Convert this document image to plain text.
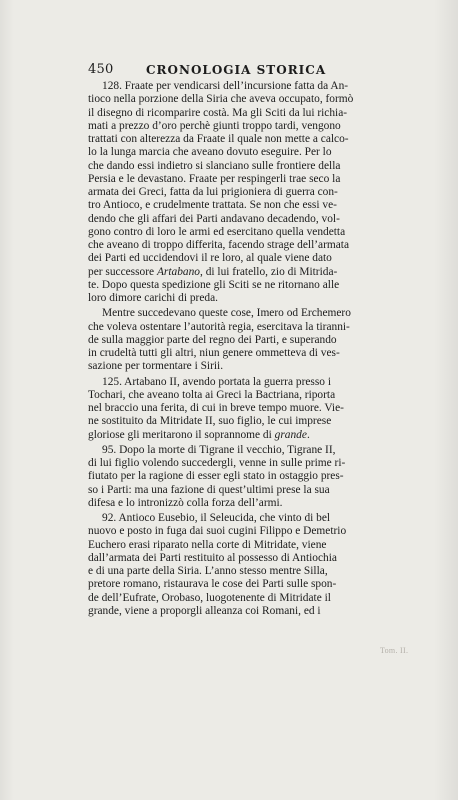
450	CRONOLOGIA STORICA
128. Fraate per vendicarsi dell’incursione fatta da An-
tioco nella porzione della Siria che aveva occupato, formò
il disegno di ricomparire costà. Ma gli Sciti da lui richia-
mati a prezzo d’oro perchè giunti troppo tardi, vengono
trattati con alterezza da Fraate il quale non mette a calco-
lo la lunga marcia che aveano dovuto eseguire. Per lo
che dando essi indietro si slanciano sulle frontiere della
Persia e le devastano. Fraate per respingerli trae seco la
armata dei Greci, fatta da lui prigioniera di guerra con-
tro Antioco, e crudelmente trattata. Se non che essi ve-
dendo che gli affari dei Parti andavano decadendo, vol-
gono contro di loro le armi ed esercitano quella vendetta
che aveano di troppo differita, facendo strage dell’armata
dei Parti ed uccidendovi il re loro, al quale viene dato
per successore Artabano, di lui fratello, zio di Mitrida-
te. Dopo questa spedizione gli Sciti se ne ritornano alle
loro dimore carichi di preda.
Mentre succedevano queste cose, Imero od Erchemero
che voleva ostentare l’autorità regia, esercitava la tiranni-
de sulla maggior parte del regno dei Parti, e superando
in crudeltà tutti gli altri, niun genere ommetteva di ves-
sazione per tormentare i Sirii.
125. Artabano II, avendo portata la guerra presso i
Tochari, che aveano tolta ai Greci la Bactriana, riporta
nel braccio una ferita, di cui in breve tempo muore. Vie-
ne sostituito da Mitridate II, suo figlio, le cui imprese
gloriose gli meritarono il soprannome di grande.
95. Dopo la morte di Tigrane il vecchio, Tigrane II,
di lui figlio volendo succedergli, venne in sulle prime ri-
fiutato per la ragione di esser egli stato in ostaggio pres-
so i Parti: ma una fazione di quest’ultimi prese la sua
difesa e lo intronizzò colla forza dell’armi.
92. Antioco Eusebio, il Seleucida, che vinto di bel
nuovo e posto in fuga dai suoi cugini Filippo e Demetrio
Euchero erasi riparato nella corte di Mitridate, viene
dall’armata dei Parti restituito al possesso di Antiochia
e di una parte della Siria. L’anno stesso mentre Silla,
pretore romano, ristaurava le cose dei Parti sulle spon-
de dell’Eufrate, Orobaso, luogotenente di Mitridate il
grande, viene a proporgli alleanza coi Romani, ed i
Tom. II.
